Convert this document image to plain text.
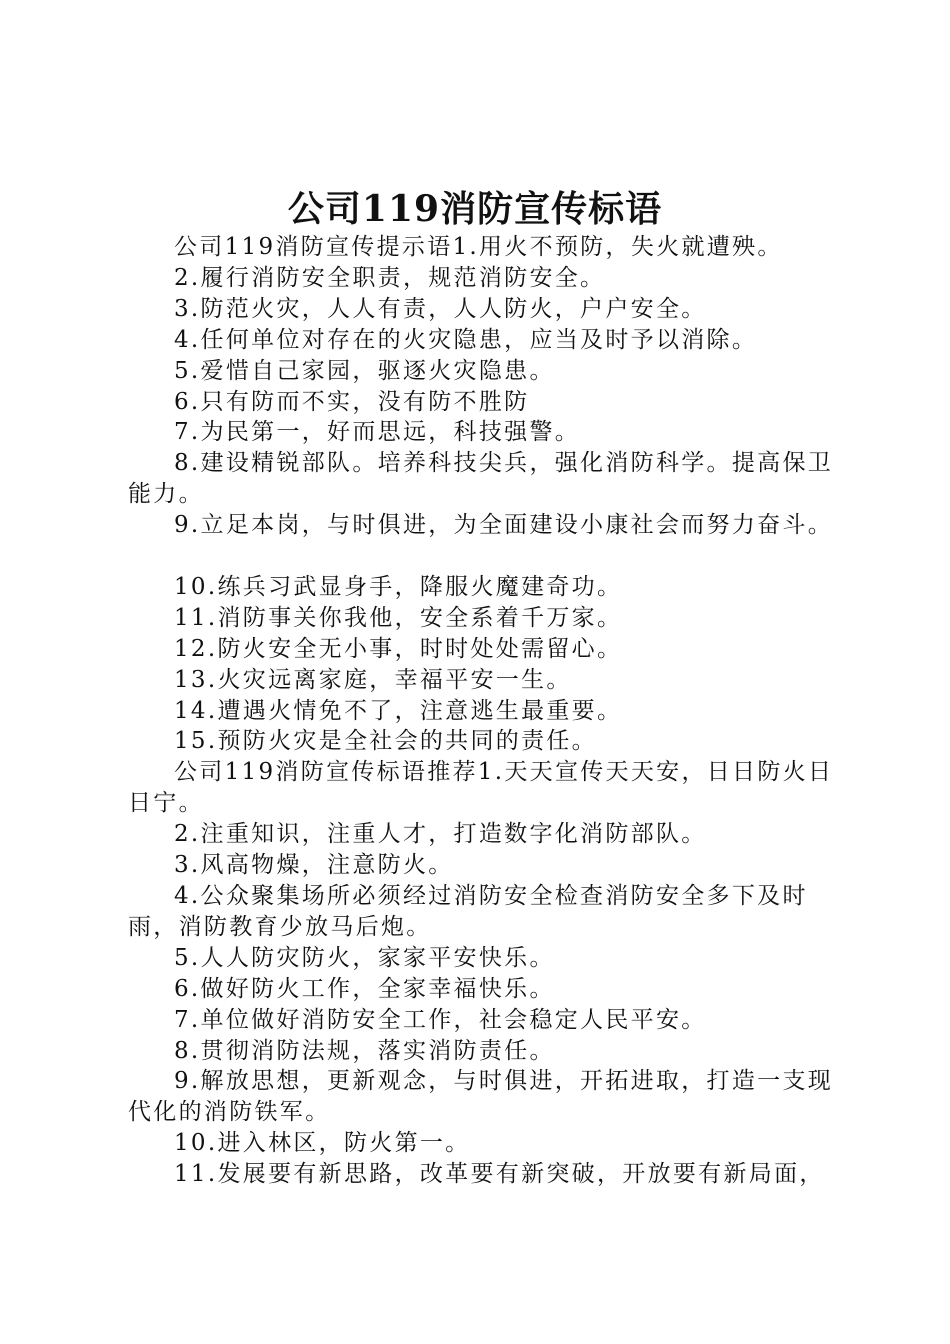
公司119消防宣传标语

公司119消防宣传提示语1.用火不预防，失火就遭殃。

2.履行消防安全职责，规范消防安全。

3.防范火灾，人人有责，人人防火，户户安全。

4.任何单位对存在的火灾隐患，应当及时予以消除。

5.爱惜自己家园，驱逐火灾隐患。

6.只有防而不实，没有防不胜防

7.为民第一，好而思远，科技强警。

8.建设精锐部队。培养科技尖兵，强化消防科学。提高保卫能力。

9.立足本岗，与时俱进，为全面建设小康社会而努力奋斗。

10.练兵习武显身手，降服火魔建奇功。

11.消防事关你我他，安全系着千万家。

12.防火安全无小事，时时处处需留心。

13.火灾远离家庭，幸福平安一生。

14.遭遇火情免不了，注意逃生最重要。

15.预防火灾是全社会的共同的责任。

公司119消防宣传标语推荐1.天天宣传天天安，日日防火日日宁。

2.注重知识，注重人才，打造数字化消防部队。

3.风高物燥，注意防火。

4.公众聚集场所必须经过消防安全检查消防安全多下及时雨，消防教育少放马后炮。

5.人人防灾防火，家家平安快乐。

6.做好防火工作，全家幸福快乐。

7.单位做好消防安全工作，社会稳定人民平安。

8.贯彻消防法规，落实消防责任。

9.解放思想，更新观念，与时俱进，开拓进取，打造一支现代化的消防铁军。

10.进入林区，防火第一。

11.发展要有新思路，改革要有新突破，开放要有新局面，
